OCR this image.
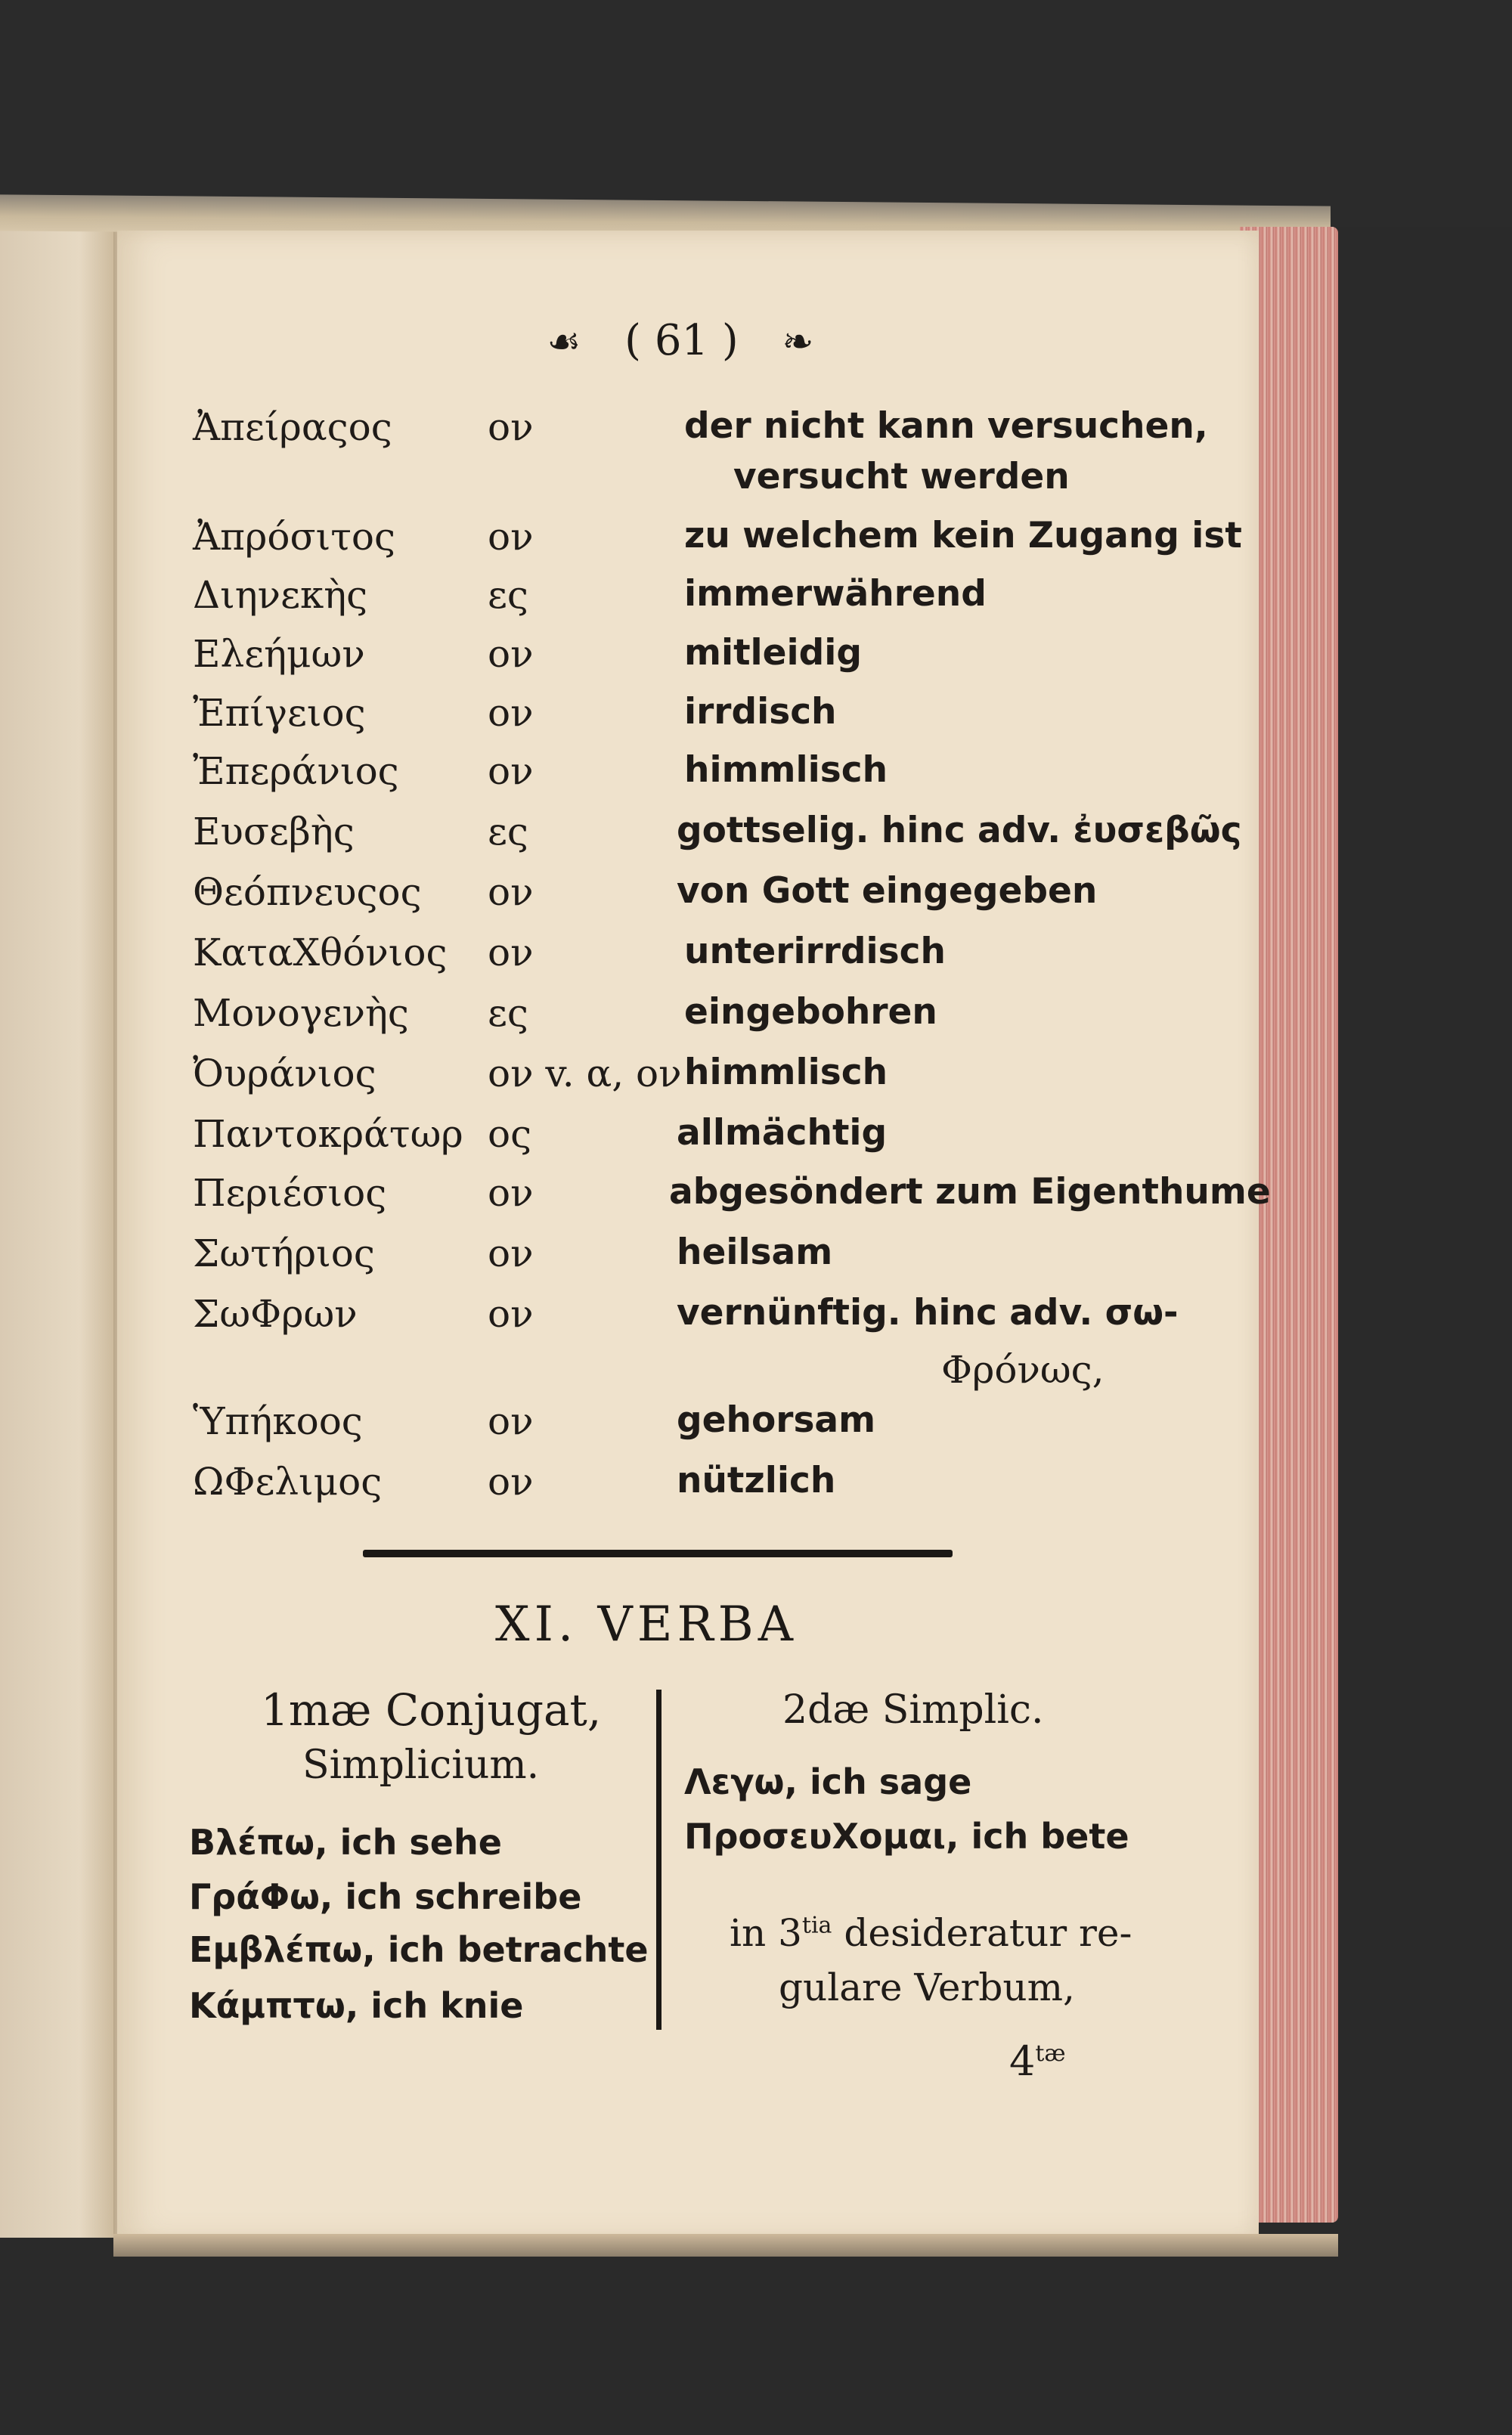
☙ ( 61 ) ❧
Ἀπείραςος	ον	der nicht kann versuchen,
versucht werden
Ἀπρόσιτος ον	zu welchem kein Zugang ist
Διηνεκὴς	ες	immerwährend
Ελεήμων	ον	mitleidig
Ἐπίγειος	ον	irrdisch
Ἐπεράνιος ον	himmlisch
Ευσεβὴς	ες	gottselig. hinc adv. ἐυσεβῶς
Θεόπνευςος ον	von Gott eingegeben
ΚαταΧθόνιος ον	unterirrdisch
Μονογενὴς ες	eingebohren
Ὀυράνιος	ον v. α, ον himmlisch
Παντοκράτωρ ος	allmächtig
Περιέσιος	ον	abgesöndert zum Eigenthume
Σωτήριος	ον	heilsam
ΣωΦρων	ον	vernünftig. hinc adv. σω-
Φρόνως,
Ὑπήκοος	ον	gehorsam
ΩΦελιμος	ον	nützlich
XI. VERBA
1mæ Conjugat,
Simplicium.
Βλέπω, ich sehe
ΓράΦω, ich schreibe
Εμβλέπω, ich betrachte
Κάμπτω, ich knie
2dæ Simplic.
Λεγω, ich sage
ΠροσευΧομαι, ich bete
in $3^{tia}$ desideratur re-
gulare Verbum,
$4^{tæ}$
